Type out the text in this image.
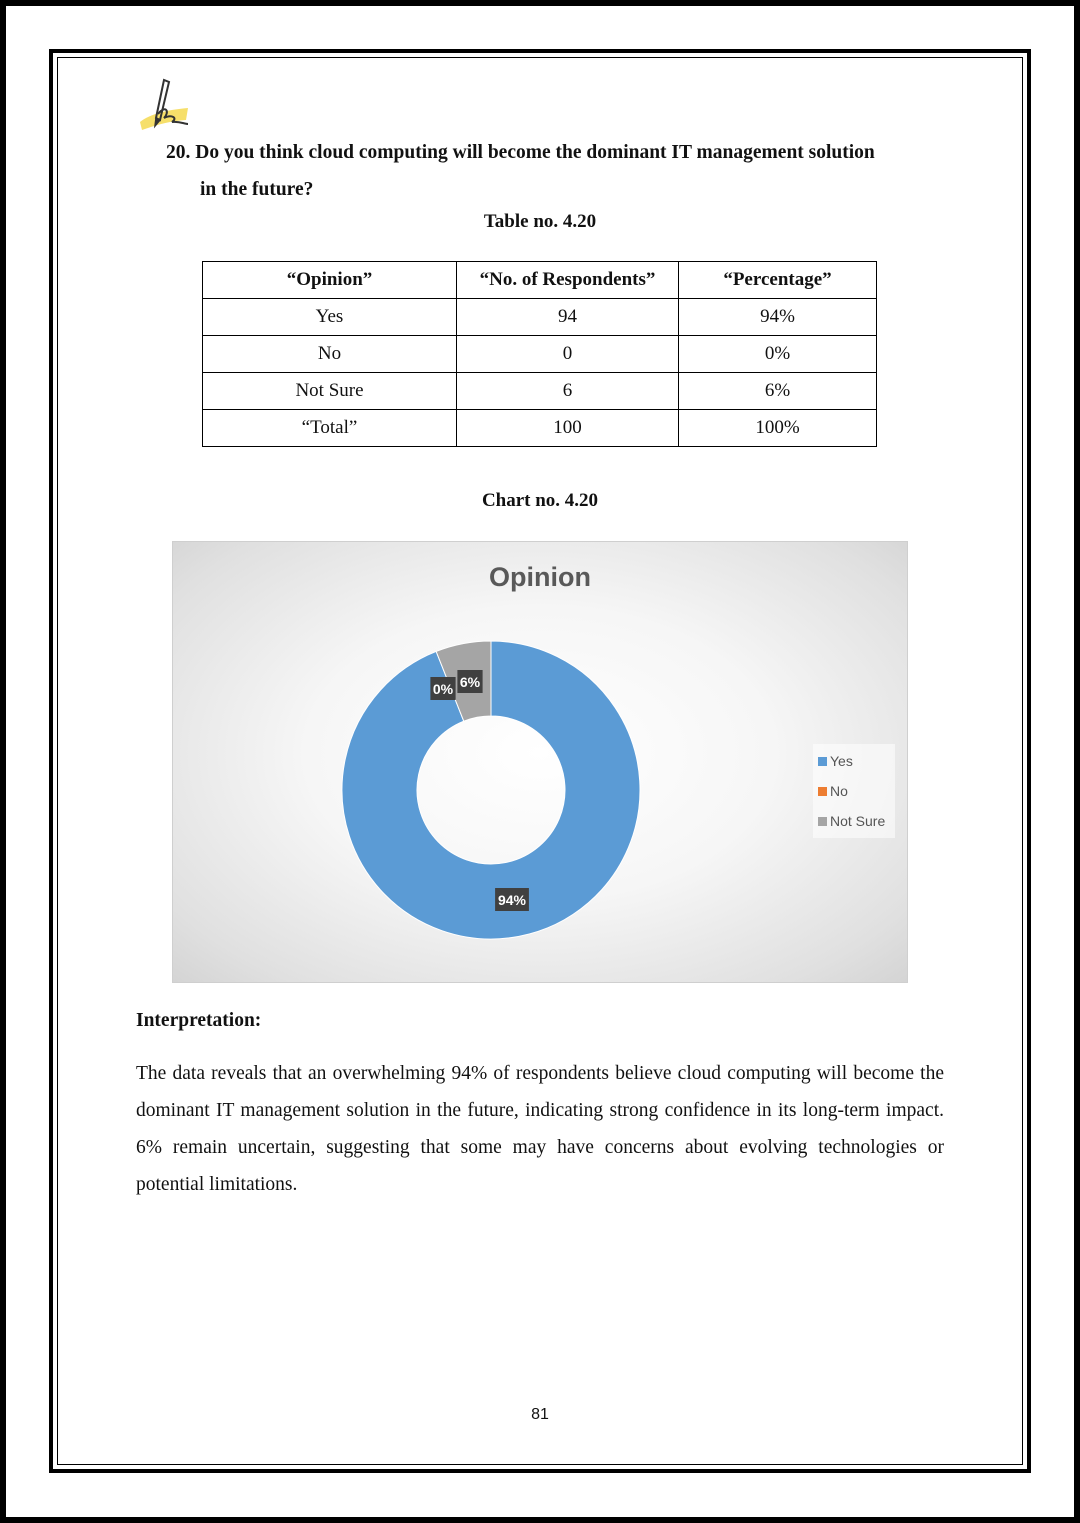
20. Do you think cloud computing will become the dominant IT management solution
in the future?
Table no. 4.20
“Opinion”	“No. of Respondents”	“Percentage”
Yes	94	94%
No	0	0%
Not Sure	6	6%
“Total”	100	100%
Chart no. 4.20
Opinion
94%
0% 6%
Yes
No
Not Sure
Interpretation:
The data reveals that an overwhelming 94% of respondents believe cloud computing will become the dominant IT management solution in the future, indicating strong confidence in its long-term impact. 6% remain uncertain, suggesting that some may have concerns about evolving technologies or potential limitations.
81
